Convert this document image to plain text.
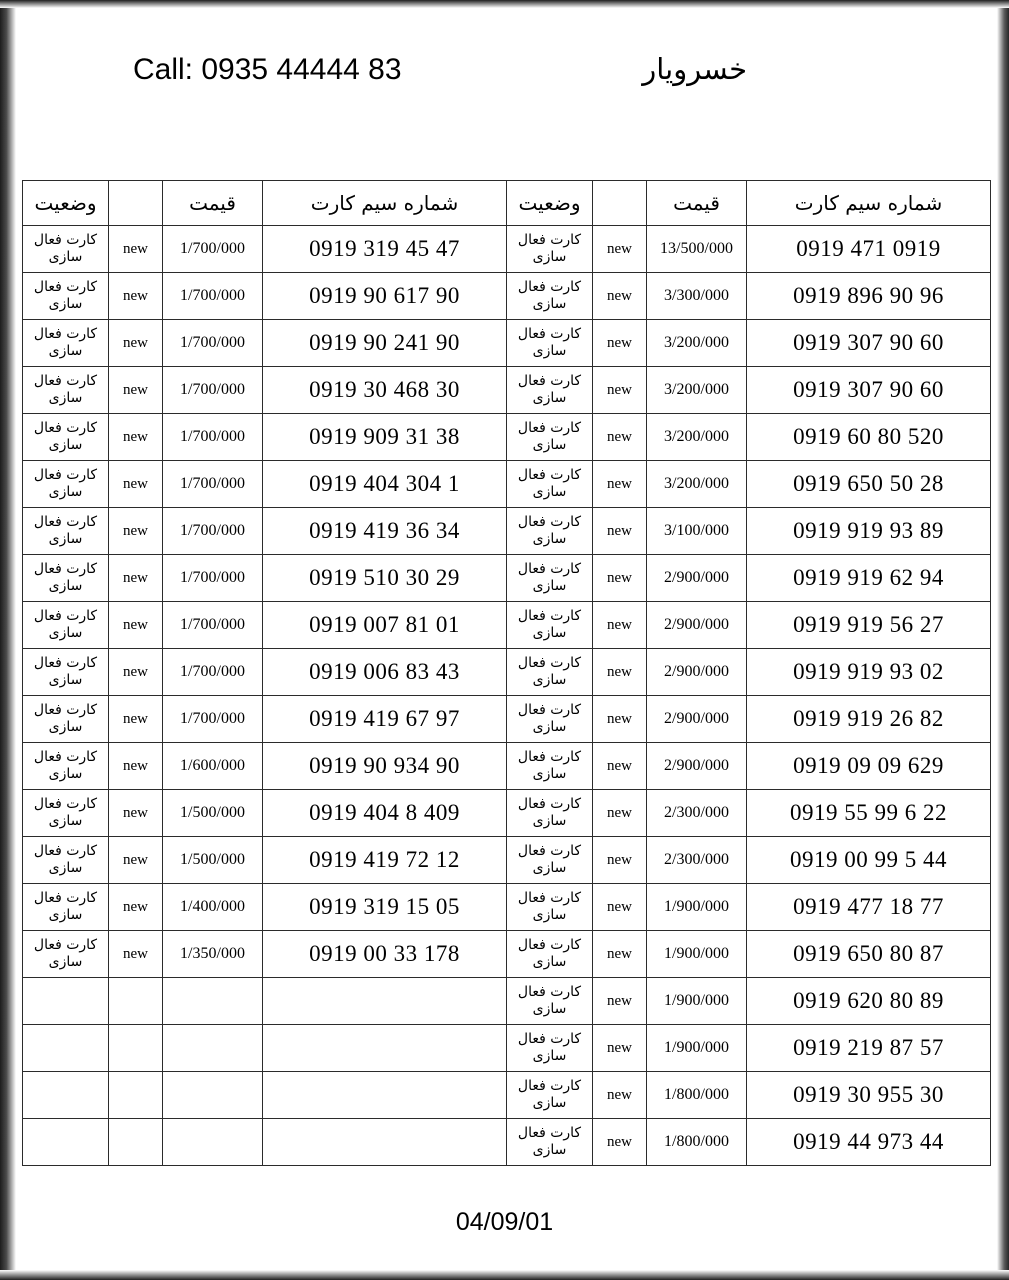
خسرویار
Call: 0935 44444 83
شماره سیم کارت	قیمت		وضعیت	شماره سیم کارت	قیمت		وضعیت
0919 471 0919	13/500/000	new	کارت فعال سازی	0919 319 45 47	1/700/000	new	کارت فعال سازی
0919 896 90 96	3/300/000	new	کارت فعال سازی	0919 90 617 90	1/700/000	new	کارت فعال سازی
0919 307 90 60	3/200/000	new	کارت فعال سازی	0919 90 241 90	1/700/000	new	کارت فعال سازی
0919 307 90 60	3/200/000	new	کارت فعال سازی	0919 30 468 30	1/700/000	new	کارت فعال سازی
0919 60 80 520	3/200/000	new	کارت فعال سازی	0919 909 31 38	1/700/000	new	کارت فعال سازی
0919 650 50 28	3/200/000	new	کارت فعال سازی	0919 404 304 1	1/700/000	new	کارت فعال سازی
0919 919 93 89	3/100/000	new	کارت فعال سازی	0919 419 36 34	1/700/000	new	کارت فعال سازی
0919 919 62 94	2/900/000	new	کارت فعال سازی	0919 510 30 29	1/700/000	new	کارت فعال سازی
0919 919 56 27	2/900/000	new	کارت فعال سازی	0919 007 81 01	1/700/000	new	کارت فعال سازی
0919 919 93 02	2/900/000	new	کارت فعال سازی	0919 006 83 43	1/700/000	new	کارت فعال سازی
0919 919 26 82	2/900/000	new	کارت فعال سازی	0919 419 67 97	1/700/000	new	کارت فعال سازی
0919 09 09 629	2/900/000	new	کارت فعال سازی	0919 90 934 90	1/600/000	new	کارت فعال سازی
0919 55 99 6 22	2/300/000	new	کارت فعال سازی	0919 404 8 409	1/500/000	new	کارت فعال سازی
0919 00 99 5 44	2/300/000	new	کارت فعال سازی	0919 419 72 12	1/500/000	new	کارت فعال سازی
0919 477 18 77	1/900/000	new	کارت فعال سازی	0919 319 15 05	1/400/000	new	کارت فعال سازی
0919 650 80 87	1/900/000	new	کارت فعال سازی	0919 00 33 178	1/350/000	new	کارت فعال سازی
0919 620 80 89	1/900/000	new	کارت فعال سازی				
0919 219 87 57	1/900/000	new	کارت فعال سازی				
0919 30 955 30	1/800/000	new	کارت فعال سازی				
0919 44 973 44	1/800/000	new	کارت فعال سازی				
04/09/01
